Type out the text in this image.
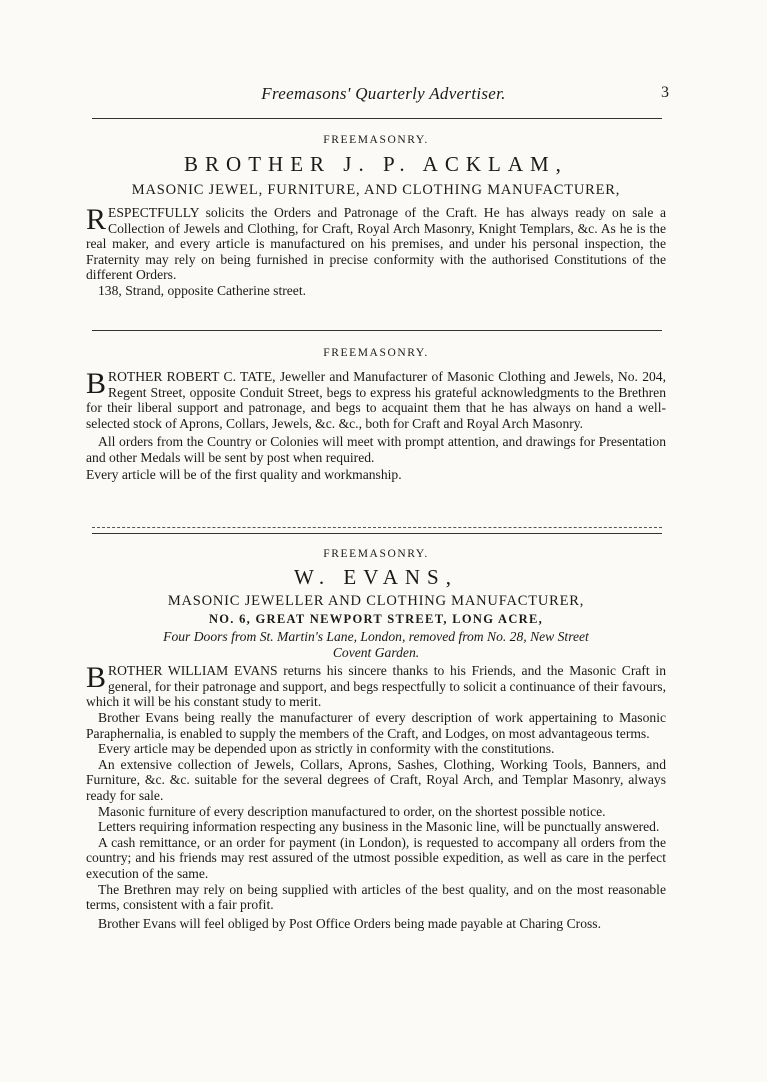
Freemasons' Quarterly Advertiser.	3
FREEMASONRY.
BROTHER J. P. ACKLAM,
MASONIC JEWEL, FURNITURE, AND CLOTHING MANUFACTURER,

RESPECTFULLY solicits the Orders and Patronage of the Craft. He has always ready on sale a Collection of Jewels and Clothing, for Craft, Royal Arch Masonry, Knight Templars, &c. As he is the real maker, and every article is manufactured on his premises, and under his personal inspection, the Fraternity may rely on being furnished in precise conformity with the authorised Constitutions of the different Orders.

138, Strand, opposite Catherine street.

FREEMASONRY.

BROTHER ROBERT C. TATE, Jeweller and Manufacturer of Masonic Clothing and Jewels, No. 204, Regent Street, opposite Conduit Street, begs to express his grateful acknowledgments to the Brethren for their liberal support and patronage, and begs to acquaint them that he has always on hand a well-selected stock of Aprons, Collars, Jewels, &c. &c., both for Craft and Royal Arch Masonry.

All orders from the Country or Colonies will meet with prompt attention, and drawings for Presentation and other Medals will be sent by post when required.

Every article will be of the first quality and workmanship.

FREEMASONRY.
W. EVANS,
MASONIC JEWELLER AND CLOTHING MANUFACTURER,
NO. 6, GREAT NEWPORT STREET, LONG ACRE,
Four Doors from St. Martin's Lane, London, removed from No. 28, New Street
Covent Garden.

BROTHER WILLIAM EVANS returns his sincere thanks to his Friends, and the Masonic Craft in general, for their patronage and support, and begs respectfully to solicit a continuance of their favours, which it will be his constant study to merit.

Brother Evans being really the manufacturer of every description of work appertaining to Masonic Paraphernalia, is enabled to supply the members of the Craft, and Lodges, on most advantageous terms.

Every article may be depended upon as strictly in conformity with the constitutions.

An extensive collection of Jewels, Collars, Aprons, Sashes, Clothing, Working Tools, Banners, and Furniture, &c. &c. suitable for the several degrees of Craft, Royal Arch, and Templar Masonry, always ready for sale.

Masonic furniture of every description manufactured to order, on the shortest possible notice.

Letters requiring information respecting any business in the Masonic line, will be punctually answered.

A cash remittance, or an order for payment (in London), is requested to accompany all orders from the country; and his friends may rest assured of the utmost possible expedition, as well as care in the perfect execution of the same.

The Brethren may rely on being supplied with articles of the best quality, and on the most reasonable terms, consistent with a fair profit.

Brother Evans will feel obliged by Post Office Orders being made payable at Charing Cross.
